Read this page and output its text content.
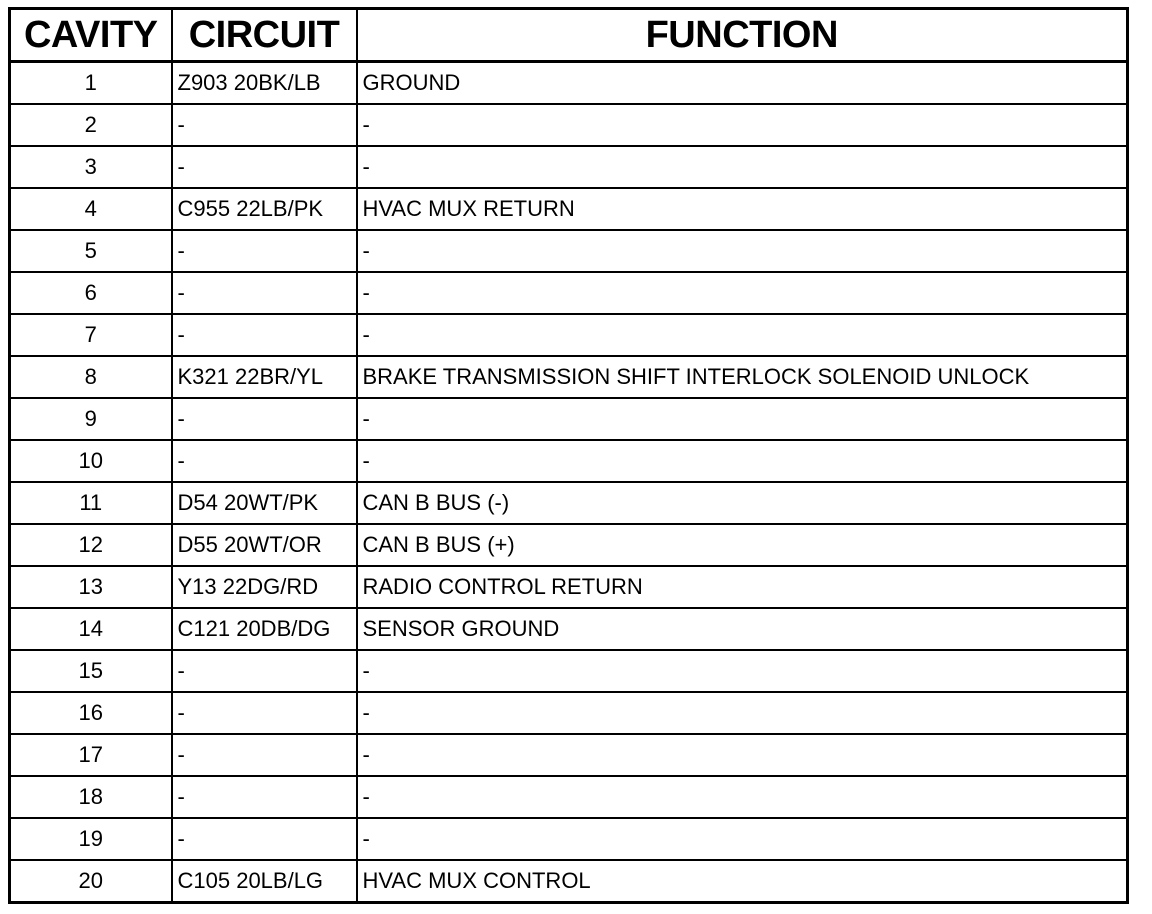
CAVITY	CIRCUIT	FUNCTION
1	Z903 20BK/LB	GROUND
2	-	-
3	-	-
4	C955 22LB/PK	HVAC MUX RETURN
5	-	-
6	-	-
7	-	-
8	K321 22BR/YL	BRAKE TRANSMISSION SHIFT INTERLOCK SOLENOID UNLOCK
9	-	-
10	-	-
11	D54 20WT/PK	CAN B BUS (-)
12	D55 20WT/OR	CAN B BUS (+)
13	Y13 22DG/RD	RADIO CONTROL RETURN
14	C121 20DB/DG	SENSOR GROUND
15	-	-
16	-	-
17	-	-
18	-	-
19	-	-
20	C105 20LB/LG	HVAC MUX CONTROL
